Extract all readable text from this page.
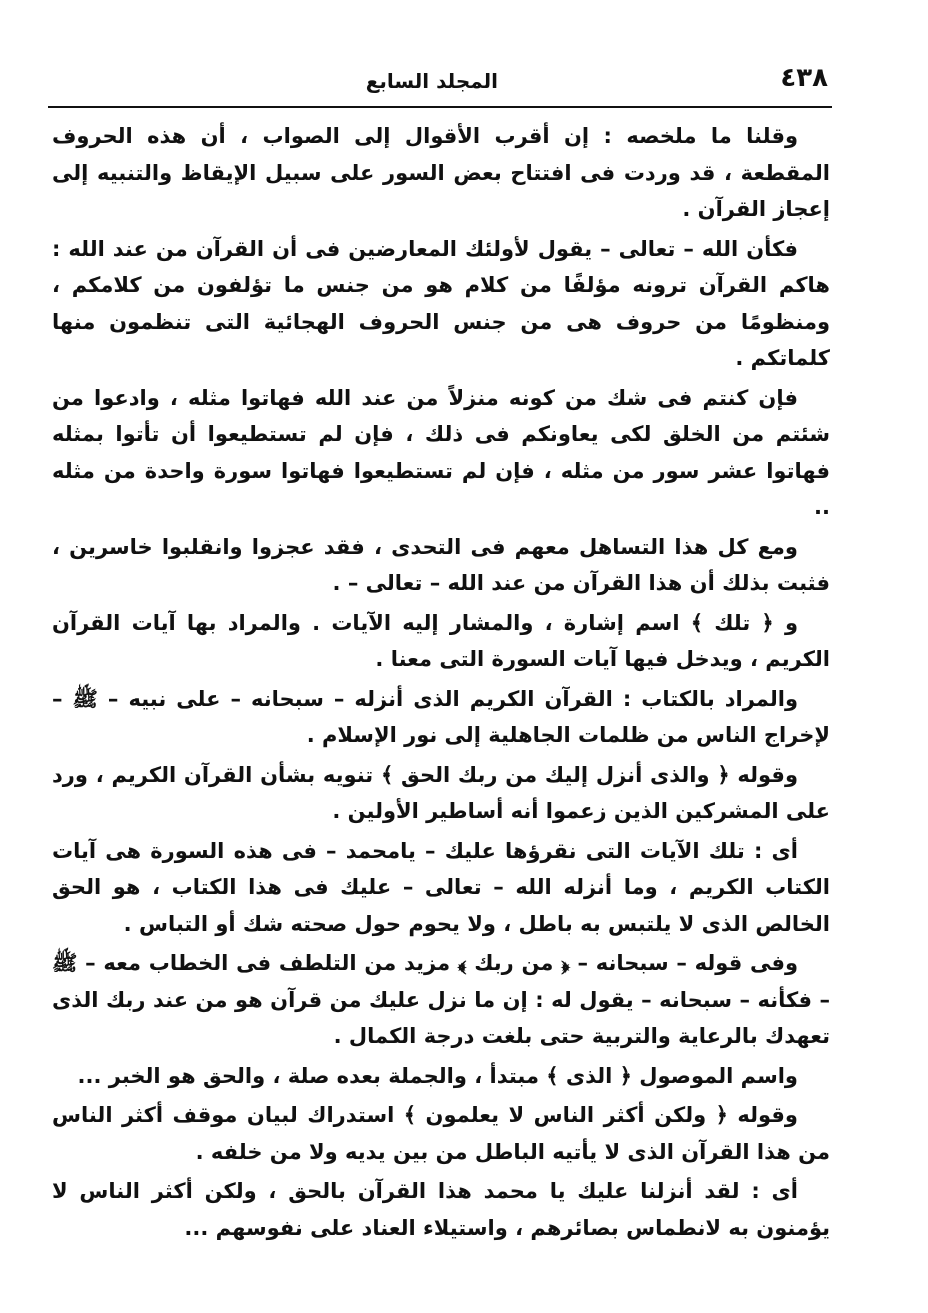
٤٣٨
المجلد السابع

وقلنا ما ملخصه : إن أقرب الأقوال إلى الصواب ، أن هذه الحروف المقطعة ، قد وردت فى افتتاح بعض السور على سبيل الإيقاظ والتنبيه إلى إعجاز القرآن .

فكأن الله – تعالى – يقول لأولئك المعارضين فى أن القرآن من عند الله : هاكم القرآن ترونه مؤلفًا من كلام هو من جنس ما تؤلفون من كلامكم ، ومنظومًا من حروف هى من جنس الحروف الهجائية التى تنظمون منها كلماتكم .

فإن كنتم فى شك من كونه منزلاً من عند الله فهاتوا مثله ، وادعوا من شئتم من الخلق لكى يعاونكم فى ذلك ، فإن لم تستطيعوا أن تأتوا بمثله فهاتوا عشر سور من مثله ، فإن لم تستطيعوا فهاتوا سورة واحدة من مثله ..

ومع كل هذا التساهل معهم فى التحدى ، فقد عجزوا وانقلبوا خاسرين ، فثبت بذلك أن هذا القرآن من عند الله – تعالى – .

و ﴿ تلك ﴾ اسم إشارة ، والمشار إليه الآيات . والمراد بها آيات القرآن الكريم ، ويدخل فيها آيات السورة التى معنا .

والمراد بالكتاب : القرآن الكريم الذى أنزله – سبحانه – على نبيه – ﷺ – لإخراج الناس من ظلمات الجاهلية إلى نور الإسلام .

وقوله ﴿ والذى أنزل إليك من ربك الحق ﴾ تنويه بشأن القرآن الكريم ، ورد على المشركين الذين زعموا أنه أساطير الأولين .

أى : تلك الآيات التى نقرؤها عليك – يامحمد – فى هذه السورة هى آيات الكتاب الكريم ، وما أنزله الله – تعالى – عليك فى هذا الكتاب ، هو الحق الخالص الذى لا يلتبس به باطل ، ولا يحوم حول صحته شك أو التباس .

وفى قوله – سبحانه – ﴿ من ربك ﴾ مزيد من التلطف فى الخطاب معه – ﷺ – فكأنه – سبحانه – يقول له : إن ما نزل عليك من قرآن هو من عند ربك الذى تعهدك بالرعاية والتربية حتى بلغت درجة الكمال .

واسم الموصول ﴿ الذى ﴾ مبتدأ ، والجملة بعده صلة ، والحق هو الخبر ...

وقوله ﴿ ولكن أكثر الناس لا يعلمون ﴾ استدراك لبيان موقف أكثر الناس من هذا القرآن الذى لا يأتيه الباطل من بين يديه ولا من خلفه .

أى : لقد أنزلنا عليك يا محمد هذا القرآن بالحق ، ولكن أكثر الناس لا يؤمنون به لانطماس بصائرهم ، واستيلاء العناد على نفوسهم ...
